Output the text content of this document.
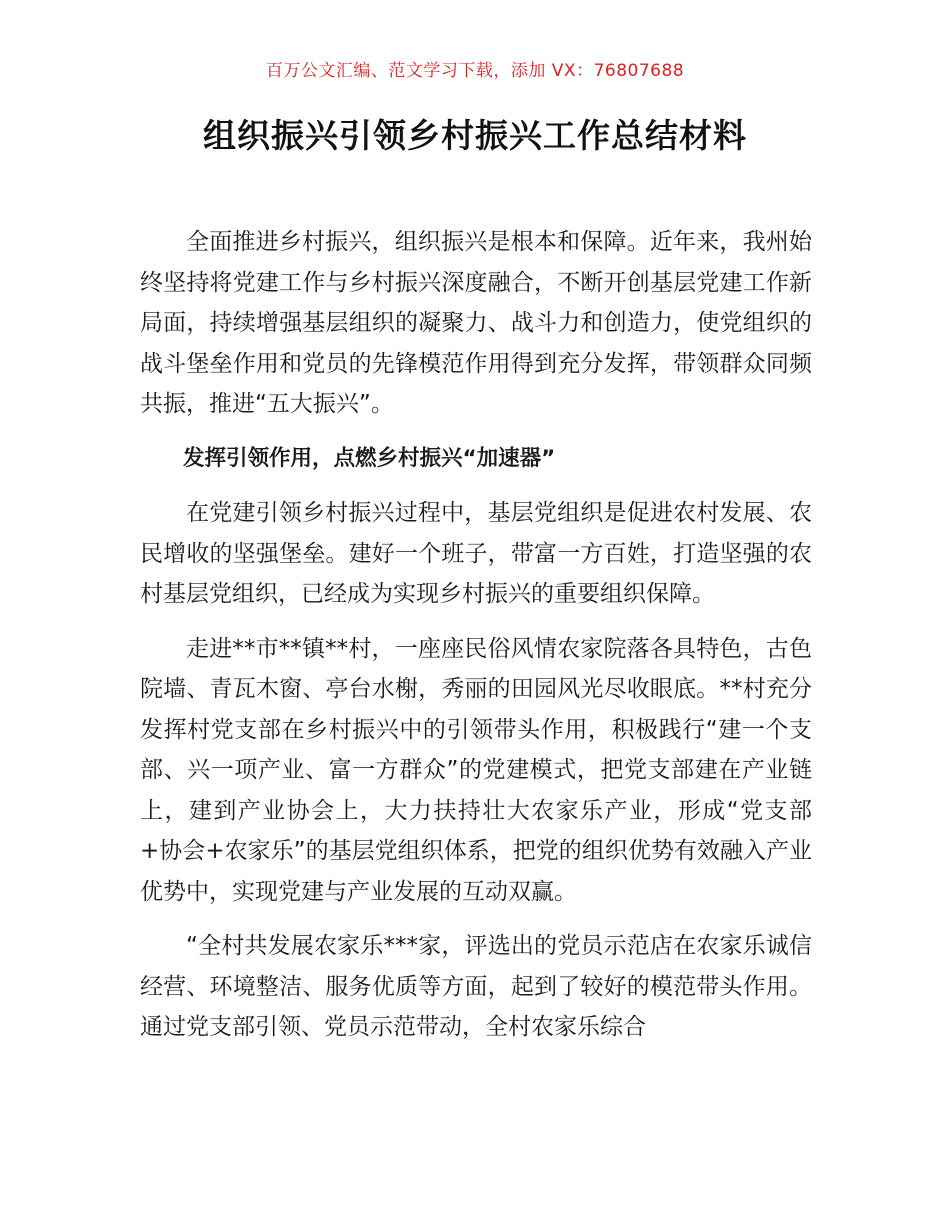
百万公文汇编、范文学习下载，添加 VX：76807688
组织振兴引领乡村振兴工作总结材料

全面推进乡村振兴，组织振兴是根本和保障。近年来，我州始终坚持将党建工作与乡村振兴深度融合，不断开创基层党建工作新局面，持续增强基层组织的凝聚力、战斗力和创造力，使党组织的战斗堡垒作用和党员的先锋模范作用得到充分发挥，带领群众同频共振，推进“五大振兴”。

发挥引领作用，点燃乡村振兴“加速器”

在党建引领乡村振兴过程中，基层党组织是促进农村发展、农民增收的坚强堡垒。建好一个班子，带富一方百姓，打造坚强的农村基层党组织，已经成为实现乡村振兴的重要组织保障。

走进**市**镇**村，一座座民俗风情农家院落各具特色，古色院墙、青瓦木窗、亭台水榭，秀丽的田园风光尽收眼底。**村充分发挥村党支部在乡村振兴中的引领带头作用，积极践行“建一个支部、兴一项产业、富一方群众”的党建模式，把党支部建在产业链上，建到产业协会上，大力扶持壮大农家乐产业，形成“党支部+协会+农家乐”的基层党组织体系，把党的组织优势有效融入产业优势中，实现党建与产业发展的互动双赢。

“全村共发展农家乐***家，评选出的党员示范店在农家乐诚信经营、环境整洁、服务优质等方面，起到了较好的模范带头作用。通过党支部引领、党员示范带动，全村农家乐综合
